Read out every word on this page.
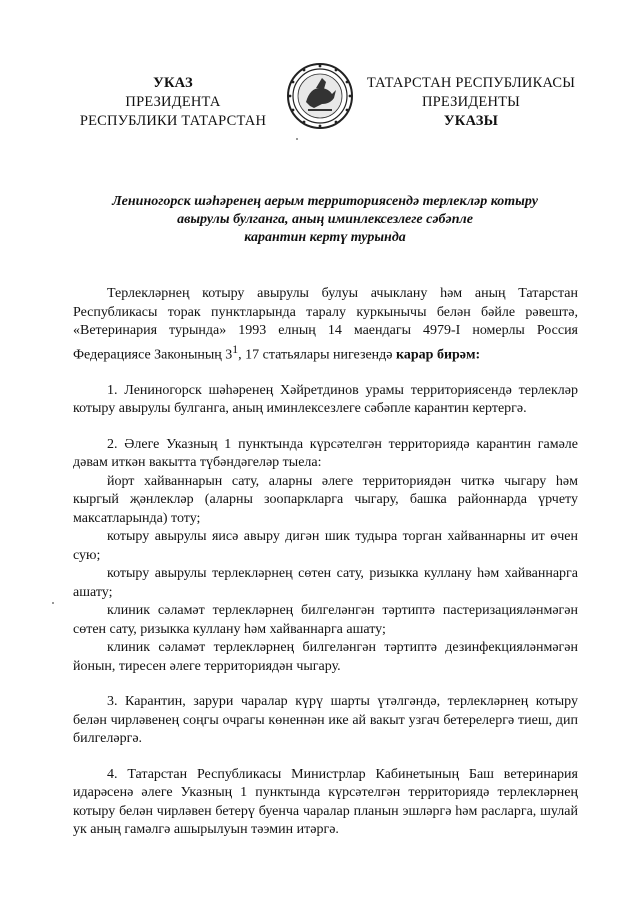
УКАЗ
ПРЕЗИДЕНТА
РЕСПУБЛИКИ ТАТАРСТАН
ТАТАРСТАН РЕСПУБЛИКАСЫ
ПРЕЗИДЕНТЫ
УКАЗЫ
Лениногорск шәһәренең аерым территориясендә терлекләр котыру
авырулы булганга, аның иминлексезлеге сәбәпле
карантин кертү турында

Терлекләрнең котыру авырулы булуы ачыклану һәм аның Татарстан Республикасы торак пунктларында таралу куркынычы белән бәйле рәвештә, «Ветеринария турында» 1993 елның 14 маендагы 4979-I номерлы Россия Федерациясе Законының $3^1$, 17 статьялары нигезендә карар бирәм:

1. Лениногорск шәһәренең Хәйретдинов урамы территориясендә терлекләр котыру авырулы булганга, аның иминлексезлеге сәбәпле карантин кертергә.

2. Әлеге Указның 1 пунктында күрсәтелгән территориядә карантин гамәле дәвам иткән вакытта түбәндәгеләр тыела:

йорт хайваннарын сату, аларны әлеге территориядән читкә чыгару һәм кыргый җәнлекләр (аларны зоопаркларга чыгару, башка районнарда үрчету максатларында) тоту;

котыру авырулы яисә авыру дигән шик тудыра торган хайваннарны ит өчен сую;

котыру авырулы терлекләрнең сөтен сату, ризыкка куллану һәм хайваннарга ашату;

клиник сәламәт терлекләрнең билгеләнгән тәртиптә пастеризацияләнмәгән сөтен сату, ризыкка куллану һәм хайваннарга ашату;

клиник сәламәт терлекләрнең билгеләнгән тәртиптә дезинфекцияләнмәгән йонын, тиресен әлеге территориядән чыгару.

3. Карантин, зарури чаралар күрү шарты үтәлгәндә, терлекләрнең котыру белән чирләвенең соңгы очрагы көненнән ике ай вакыт узгач бетерелергә тиеш, дип билгеләргә.

4. Татарстан Республикасы Министрлар Кабинетының Баш ветеринария идарәсенә әлеге Указның 1 пунктында күрсәтелгән территориядә терлекләрнең котыру белән чирләвен бетерү буенча чаралар планын эшләргә һәм расларга, шулай ук аның гамәлгә ашырылуын тәэмин итәргә.
